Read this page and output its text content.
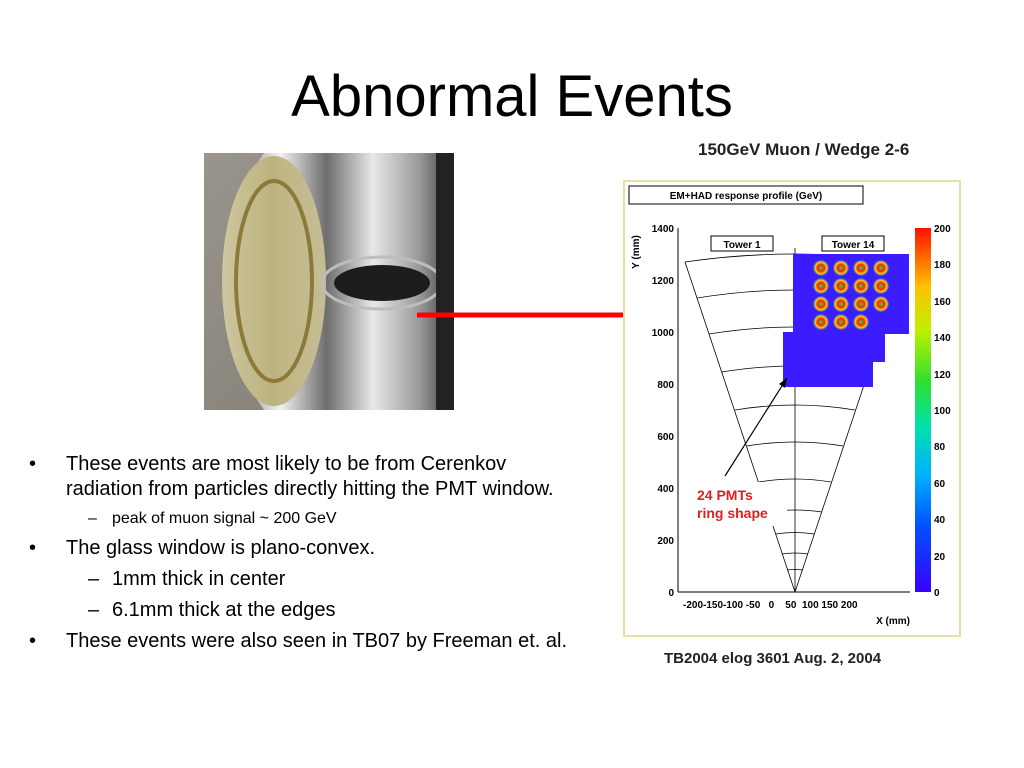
Abnormal Events
150GeV Muon / Wedge 2-6
EM+HAD response profile (GeV)
Y (mm)
1400
1200
1000
800
600
400
200
0
Tower 1	Tower 14
24 PMTs
ring shape
-200-150-100 -50   0    50  100 150 200
X (mm)
200
180
160
140
120
100
80
60
40
20
0
TB2004 elog 3601 Aug. 2, 2004
• These events are most likely to be from Cerenkov radiation from particles directly hitting the PMT window.
– peak of muon signal ~ 200 GeV
• The glass window is plano-convex.
– 1mm thick in center
– 6.1mm thick at the edges
• These events were also seen in TB07 by Freeman et. al.
